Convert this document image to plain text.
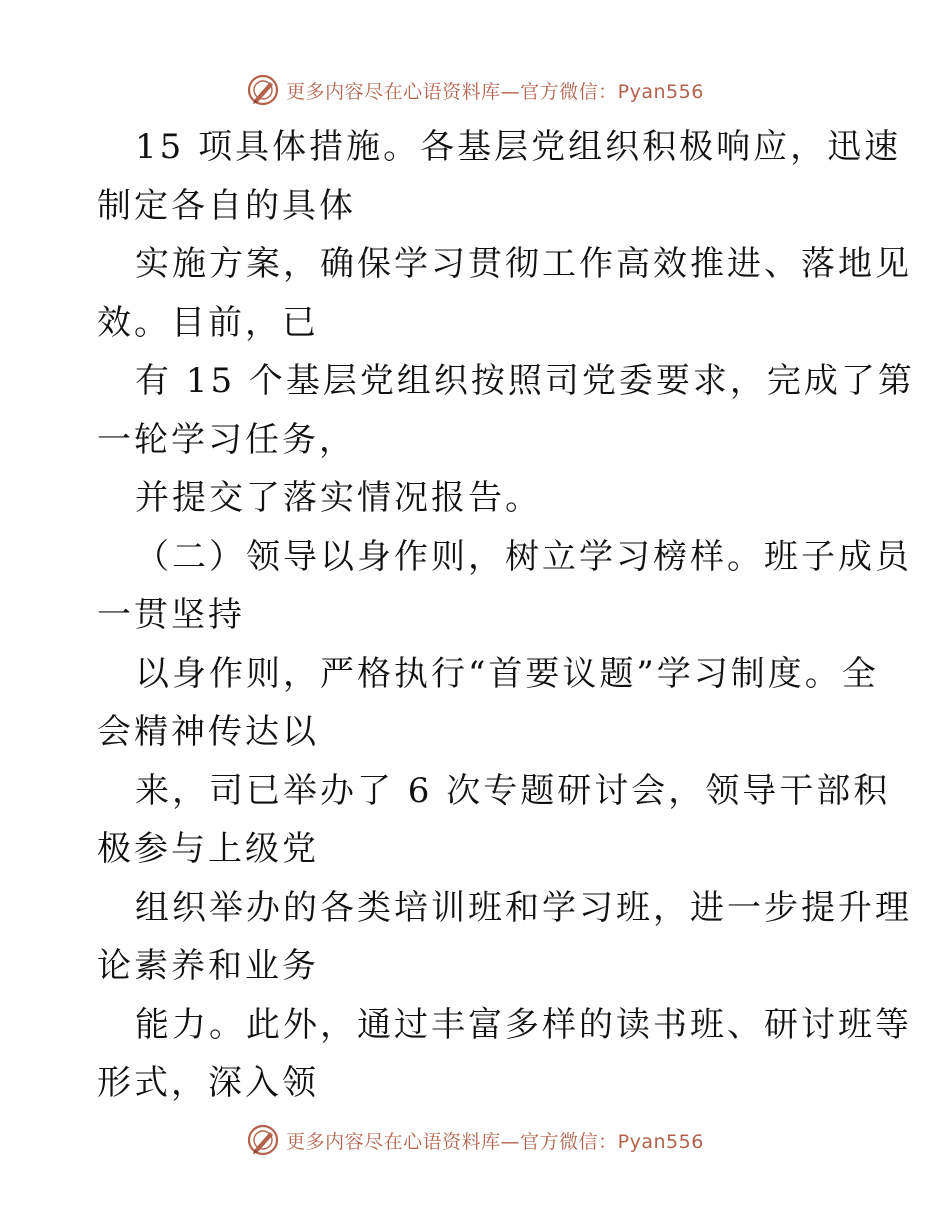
更多内容尽在心语资料库—官方微信：Pyan556
15 项具体措施。各基层党组织积极响应，迅速
制定各自的具体
实施方案，确保学习贯彻工作高效推进、落地见
效。目前，已
有 15 个基层党组织按照司党委要求，完成了第
一轮学习任务，
并提交了落实情况报告。
（二）领导以身作则，树立学习榜样。班子成员
一贯坚持
以身作则，严格执行“首要议题”学习制度。全
会精神传达以
来，司已举办了 6 次专题研讨会，领导干部积
极参与上级党
组织举办的各类培训班和学习班，进一步提升理
论素养和业务
能力。此外，通过丰富多样的读书班、研讨班等
形式，深入领
更多内容尽在心语资料库—官方微信：Pyan556
